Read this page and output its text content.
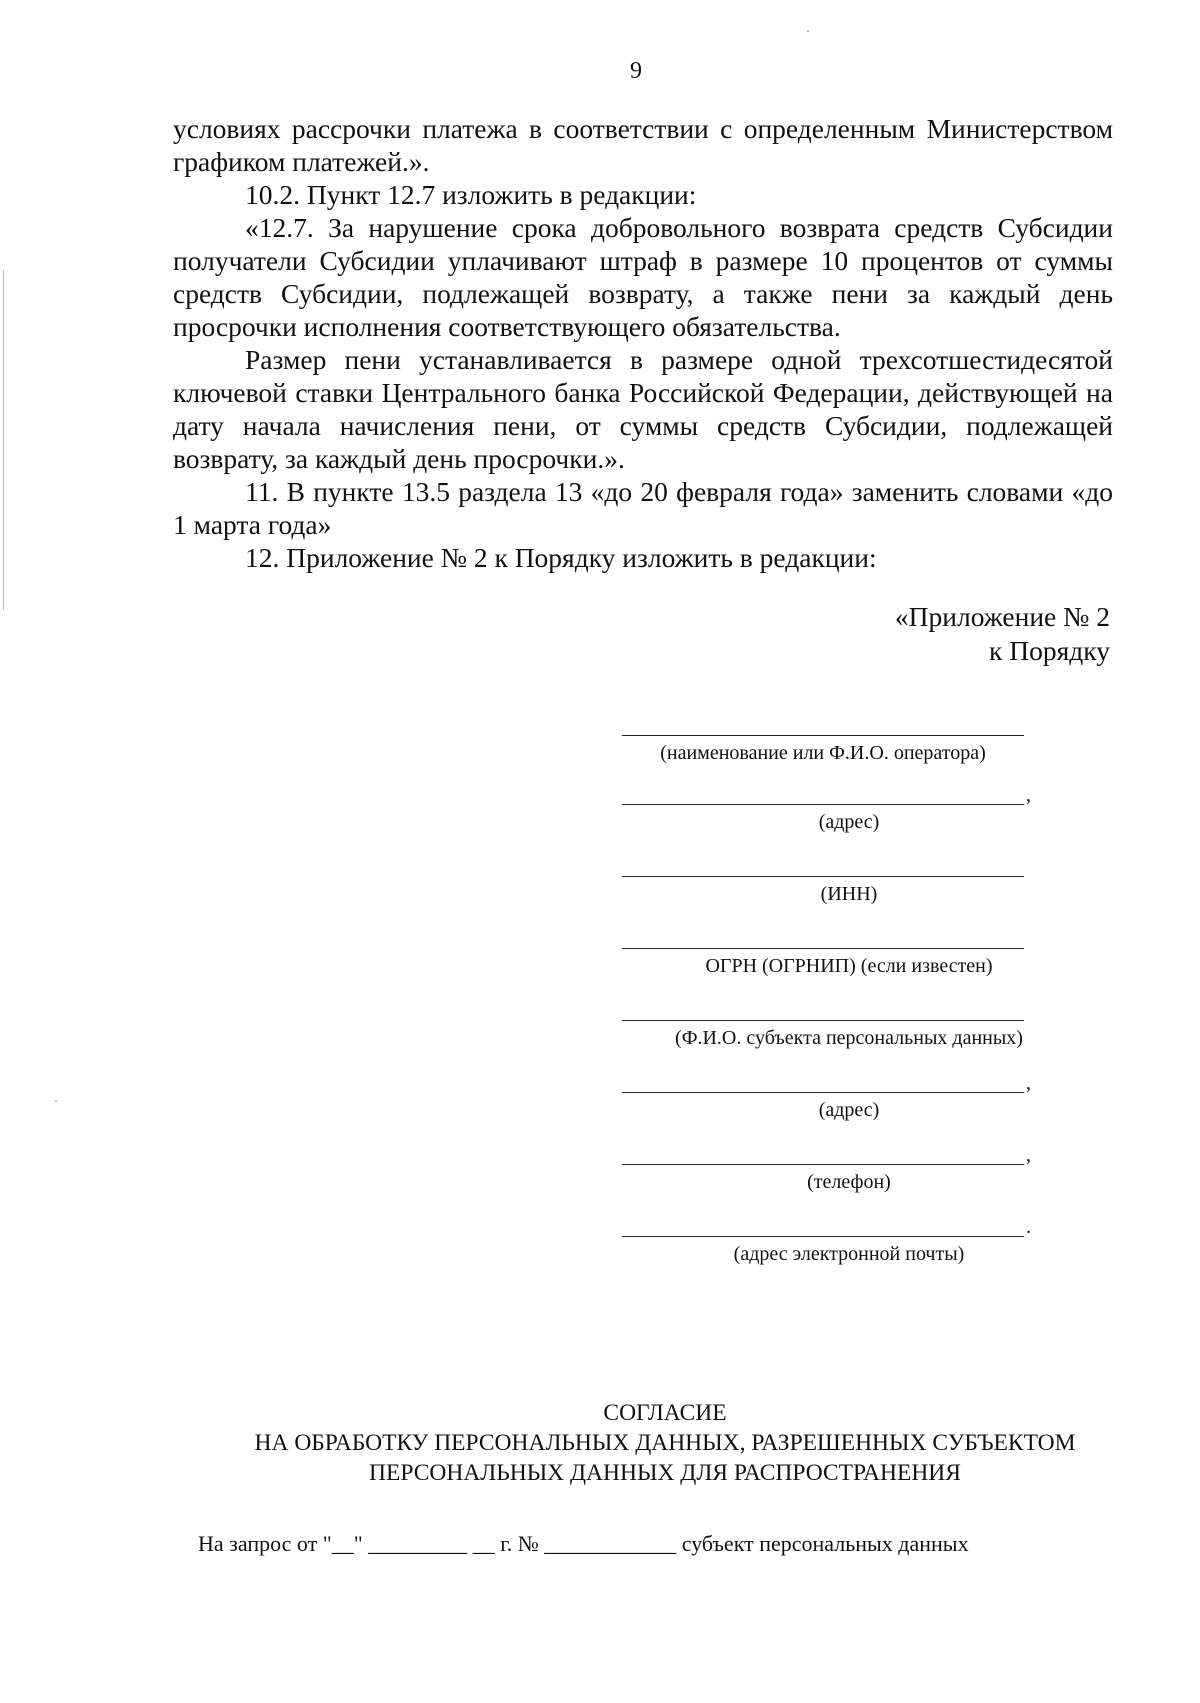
9

условиях рассрочки платежа в соответствии с определенным Министерством графиком платежей.».

10.2. Пункт 12.7 изложить в редакции:

«12.7. За нарушение срока добровольного возврата средств Субсидии получатели Субсидии уплачивают штраф в размере 10 процентов от суммы средств Субсидии, подлежащей возврату, а также пени за каждый день просрочки исполнения соответствующего обязательства.

Размер пени устанавливается в размере одной трехсотшестидесятой ключевой ставки Центрального банка Российской Федерации, действующей на дату начала начисления пени, от суммы средств Субсидии, подлежащей возврату, за каждый день просрочки.».

11. В пункте 13.5 раздела 13 «до 20 февраля года» заменить словами «до 1 марта года»

12. Приложение № 2 к Порядку изложить в редакции:

«Приложение № 2
к Порядку
(наименование или Ф.И.О. оператора)
,
(адрес)
(ИНН)
ОГРН (ОГРНИП) (если известен)
(Ф.И.О. субъекта персональных данных)
,
(адрес)
,
(телефон)
.
(адрес электронной почты)
СОГЛАСИЕ
НА ОБРАБОТКУ ПЕРСОНАЛЬНЫХ ДАННЫХ, РАЗРЕШЕННЫХ СУБЪЕКТОМ
ПЕРСОНАЛЬНЫХ ДАННЫХ ДЛЯ РАСПРОСТРАНЕНИЯ
На запрос от "__" _________ __ г. № ____________ субъект персональных данных
